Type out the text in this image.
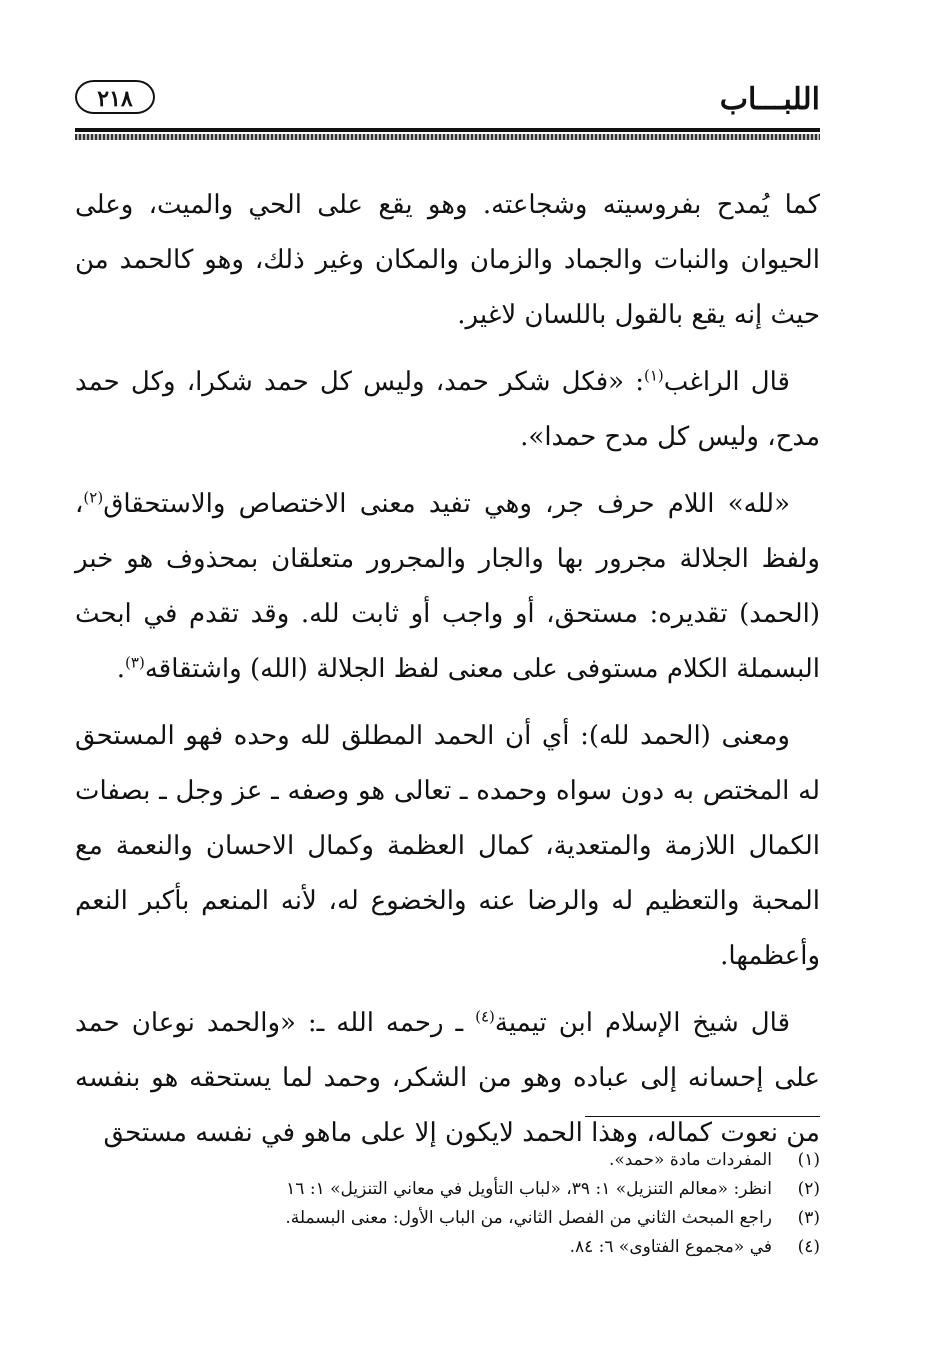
اللبـــاب
٢١٨

كما يُمدح بفروسيته وشجاعته. وهو يقع على الحي والميت، وعلى الحيوان والنبات والجماد والزمان والمكان وغير ذلك، وهو كالحمد من حيث إنه يقع بالقول باللسان لاغير.

قال الراغب$^{(١)}$: «فكل شكر حمد، وليس كل حمد شكرا، وكل حمد مدح، وليس كل مدح حمدا».

«لله» اللام حرف جر، وهي تفيد معنى الاختصاص والاستحقاق$^{(٢)}$، ولفظ الجلالة مجرور بها والجار والمجرور متعلقان بمحذوف هو خبر (الحمد) تقديره: مستحق، أو واجب أو ثابت لله. وقد تقدم في ابحث البسملة الكلام مستوفى على معنى لفظ الجلالة (الله) واشتقاقه$^{(٣)}$.

ومعنى (الحمد لله): أي أن الحمد المطلق لله وحده فهو المستحق له المختص به دون سواه وحمده ـ تعالى هو وصفه ـ عز وجل ـ بصفات الكمال اللازمة والمتعدية، كمال العظمة وكمال الاحسان والنعمة مع المحبة والتعظيم له والرضا عنه والخضوع له، لأنه المنعم بأكبر النعم وأعظمها.

قال شيخ الإسلام ابن تيمية$^{(٤)}$ ـ رحمه الله ـ: «والحمد نوعان حمد على إحسانه إلى عباده وهو من الشكر، وحمد لما يستحقه هو بنفسه من نعوت كماله، وهذا الحمد لايكون إلا على ماهو في نفسه مستحق

(١)
المفردات مادة «حمد».
(٢)
انظر: «معالم التنزيل» ١: ٣٩، «لباب التأويل في معاني التنزيل» ١: ١٦
(٣)
راجع المبحث الثاني من الفصل الثاني، من الباب الأول: معنى البسملة.
(٤)
في «مجموع الفتاوى» ٦: ٨٤.
